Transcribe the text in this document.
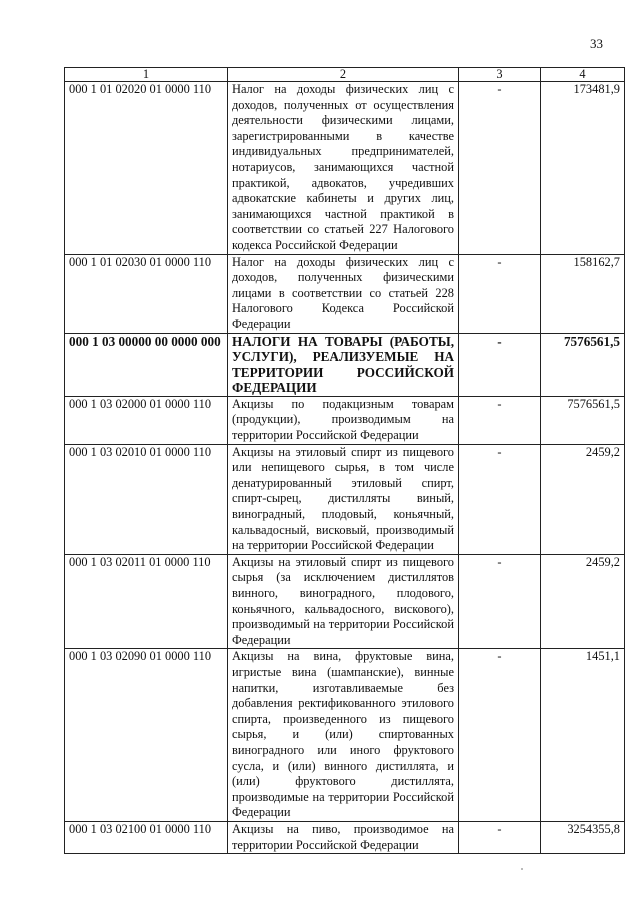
33
1	2	3	4
000 1 01 02020 01 0000 110	Налог на доходы физических лиц с доходов, полученных от осуществления деятельности физическими лицами, зарегистрированными в качестве индивидуальных предпринимателей, нотариусов, занимающихся частной практикой, адвокатов, учредивших адвокатские кабинеты и других лиц, занимающихся частной практикой в соответствии со статьей 227 Налогового кодекса Российской Федерации	-	173481,9
000 1 01 02030 01 0000 110	Налог на доходы физических лиц с доходов, полученных физическими лицами в соответствии со статьей 228 Налогового Кодекса Российской Федерации	-	158162,7
000 1 03 00000 00 0000 000	НАЛОГИ НА ТОВАРЫ (РАБОТЫ, УСЛУГИ), РЕАЛИЗУЕМЫЕ НА ТЕРРИТОРИИ РОССИЙСКОЙ ФЕДЕРАЦИИ	-	7576561,5
000 1 03 02000 01 0000 110	Акцизы по подакцизным товарам (продукции), производимым на территории Российской Федерации	-	7576561,5
000 1 03 02010 01 0000 110	Акцизы на этиловый спирт из пищевого или непищевого сырья, в том числе денатурированный этиловый спирт, спирт-сырец, дистилляты виный, виноградный, плодовый, коньячный, кальвадосный, висковый, производимый на территории Российской Федерации	-	2459,2
000 1 03 02011 01 0000 110	Акцизы на этиловый спирт из пищевого сырья (за исключением дистиллятов винного, виноградного, плодового, коньячного, кальвадосного, вискового), производимый на территории Российской Федерации	-	2459,2
000 1 03 02090 01 0000 110	Акцизы на вина, фруктовые вина, игристые вина (шампанские), винные напитки, изготавливаемые без добавления ректификованного этилового спирта, произведенного из пищевого сырья, и (или) спиртованных виноградного или иного фруктового сусла, и (или) винного дистиллята, и (или) фруктового дистиллята, производимые на территории Российской Федерации	-	1451,1
000 1 03 02100 01 0000 110	Акцизы на пиво, производимое на территории Российской Федерации	-	3254355,8
